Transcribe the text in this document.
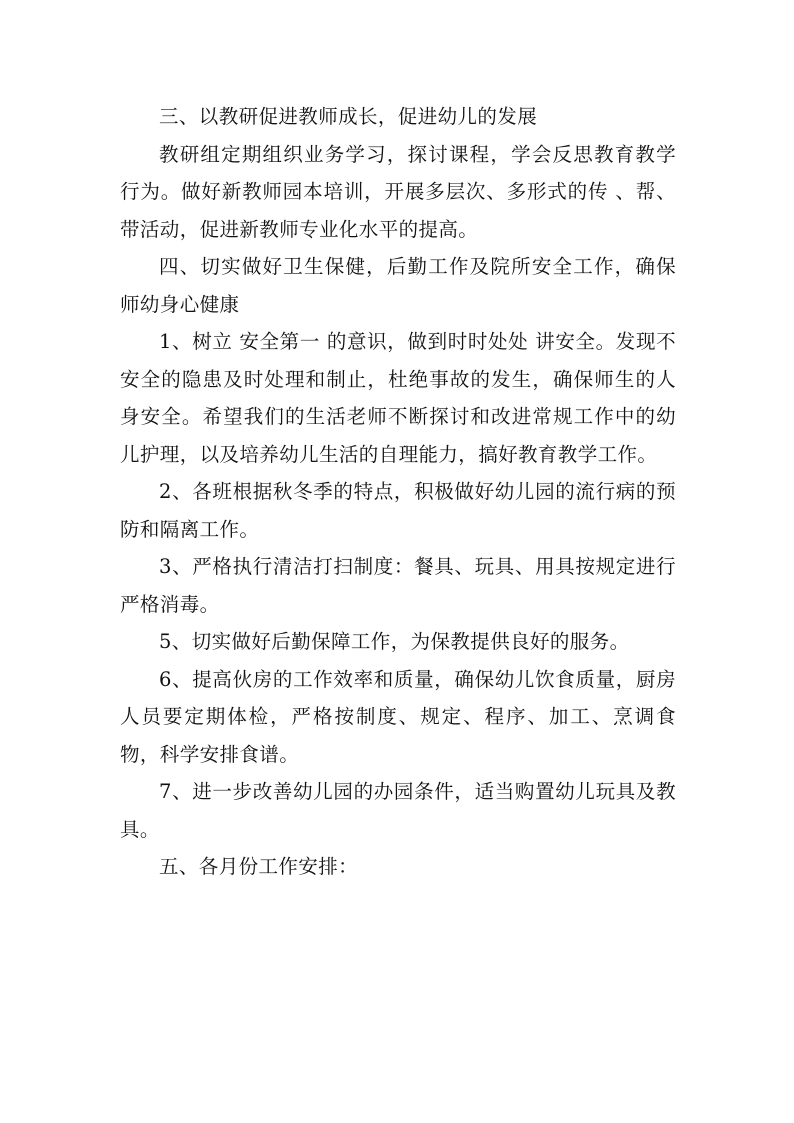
三、以教研促进教师成长，促进幼儿的发展

教研组定期组织业务学习，探讨课程，学会反思教育教学行为。做好新教师园本培训，开展多层次、多形式的传 、帮、带活动，促进新教师专业化水平的提高。

四、切实做好卫生保健，后勤工作及院所安全工作，确保师幼身心健康

1、树立 安全第一 的意识，做到时时处处 讲安全。发现不安全的隐患及时处理和制止，杜绝事故的发生，确保师生的人身安全。希望我们的生活老师不断探讨和改进常规工作中的幼儿护理，以及培养幼儿生活的自理能力，搞好教育教学工作。

2、各班根据秋冬季的特点，积极做好幼儿园的流行病的预防和隔离工作。

3、严格执行清洁打扫制度：餐具、玩具、用具按规定进行严格消毒。

5、切实做好后勤保障工作，为保教提供良好的服务。

6、提高伙房的工作效率和质量，确保幼儿饮食质量，厨房人员要定期体检，严格按制度、规定、程序、加工、烹调食物，科学安排食谱。

7、进一步改善幼儿园的办园条件，适当购置幼儿玩具及教具。

五、各月份工作安排：
